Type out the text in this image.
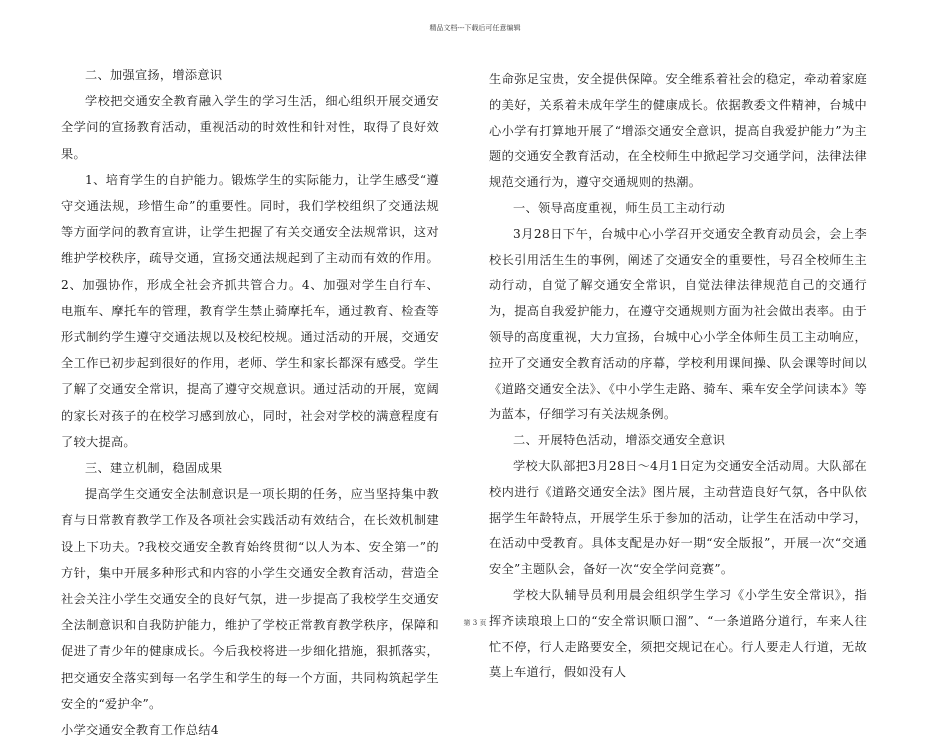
精品文档---下载后可任意编辑

二、加强宣扬，增添意识

学校把交通安全教育融入学生的学习生活，细心组织开展交通安全学问的宣扬教育活动，重视活动的时效性和针对性，取得了良好效果。

1、培育学生的自护能力。锻炼学生的实际能力，让学生感受“遵守交通法规，珍惜生命”的重要性。同时，我们学校组织了交通法规等方面学问的教育宣讲，让学生把握了有关交通安全法规常识，这对维护学校秩序，疏导交通，宣扬交通法规起到了主动而有效的作用。2、加强协作，形成全社会齐抓共管合力。4、加强对学生自行车、电瓶车、摩托车的管理，教育学生禁止骑摩托车，通过教育、检查等形式制约学生遵守交通法规以及校纪校规。通过活动的开展，交通安全工作已初步起到很好的作用，老师、学生和家长都深有感受。学生了解了交通安全常识，提高了遵守交规意识。通过活动的开展，宽阔的家长对孩子的在校学习感到放心，同时，社会对学校的满意程度有了较大提高。

三、建立机制，稳固成果

提高学生交通安全法制意识是一项长期的任务，应当坚持集中教育与日常教育教学工作及各项社会实践活动有效结合，在长效机制建设上下功夫。?我校交通安全教育始终贯彻“以人为本、安全第一”的方针，集中开展多种形式和内容的小学生交通安全教育活动，营造全社会关注小学生交通安全的良好气氛，进一步提高了我校学生交通安全法制意识和自我防护能力，维护了学校正常教育教学秩序，保障和促进了青少年的健康成长。今后我校将进一步细化措施，狠抓落实，把交通安全落实到每一名学生和学生的每一个方面，共同构筑起学生安全的“爱护伞”。

小学交通安全教育工作总结4

生命弥足宝贵，安全提供保障。安全维系着社会的稳定，牵动着家庭的美好，关系着未成年学生的健康成长。依据教委文件精神，台城中心小学有打算地开展了“增添交通安全意识，提高自我爱护能力”为主题的交通安全教育活动，在全校师生中掀起学习交通学问，法律法律规范交通行为，遵守交通规则的热潮。

一、领导高度重视，师生员工主动行动

3月28日下午，台城中心小学召开交通安全教育动员会，会上李校长引用活生生的事例，阐述了交通安全的重要性，号召全校师生主动行动，自觉了解交通安全常识，自觉法律法律规范自己的交通行为，提高自我爱护能力，在遵守交通规则方面为社会做出表率。由于领导的高度重视，大力宣扬，台城中心小学全体师生员工主动响应，拉开了交通安全教育活动的序幕，学校利用课间操、队会课等时间以《道路交通安全法》、《中小学生走路、骑车、乘车安全学问读本》等为蓝本，仔细学习有关法规条例。

二、开展特色活动，增添交通安全意识

学校大队部把3月28日～4月1日定为交通安全活动周。大队部在校内进行《道路交通安全法》图片展，主动营造良好气氛，各中队依据学生年龄特点，开展学生乐于参加的活动，让学生在活动中学习，在活动中受教育。具体支配是办好一期“安全版报”，开展一次“交通安全”主题队会，备好一次“安全学问竞赛”。

学校大队辅导员利用晨会组织学生学习《小学生安全常识》，指挥齐读琅琅上口的“安全常识顺口溜”、“一条道路分道行，车来人往忙不停，行人走路要安全，须把交规记在心。行人要走人行道，无故莫上车道行，假如没有人

第 3 页
